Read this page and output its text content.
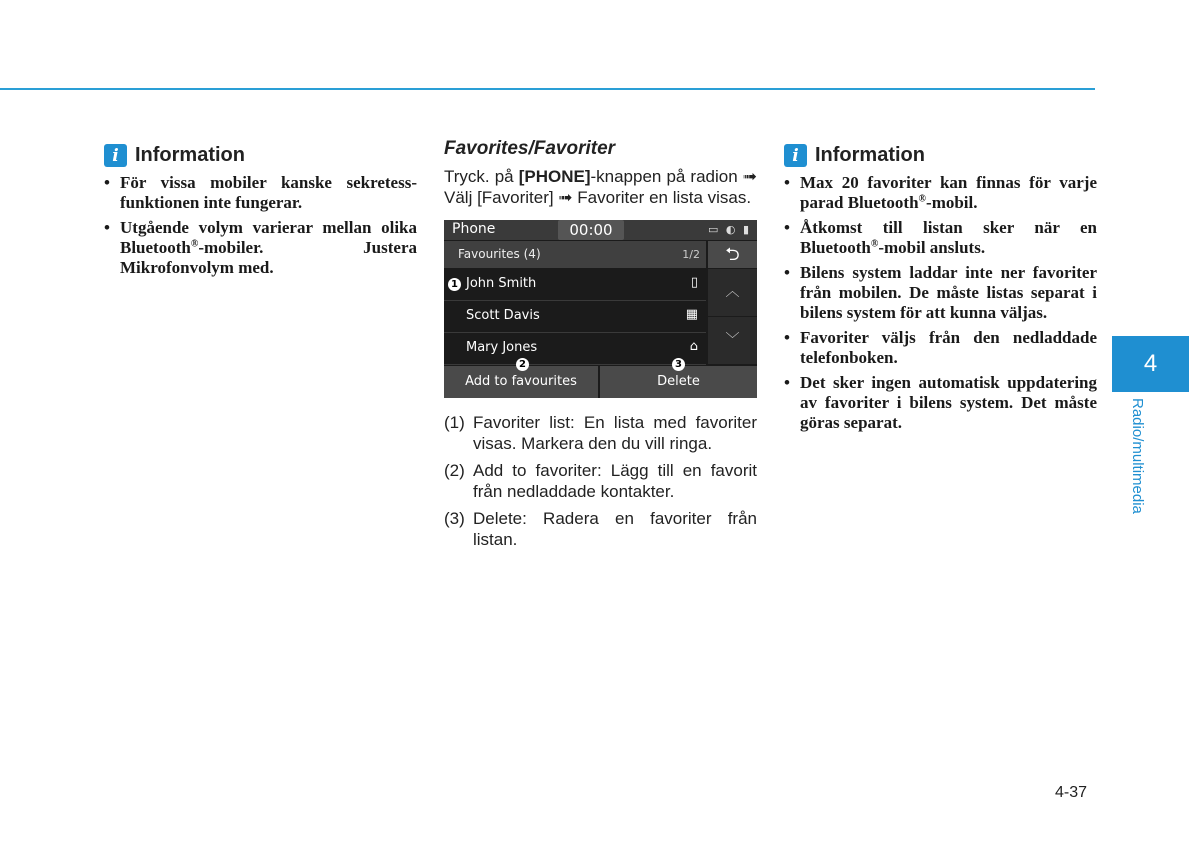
i Information
• För vissa mobiler kanske sekretessfunktionen inte fungerar.
• Utgående volym varierar mellan olika Bluetooth®-mobiler. Justera Mikrofonvolym med.
Favorites/Favoriter

Tryck. på [PHONE]-knappen på radion ➟ Välj [Favoriter] ➟ Favoriter en lista visas.

Phone	00:00	▭ ◐ ▮
Favourites (4)	1/2	⮌
1 John Smith	▯
Scott Davis	▦
Mary Jones	⌂
︿
﹀
Add to favourites	Delete
2	3
(1) Favoriter list: En lista med favoriter visas. Markera den du vill ringa.
(2) Add to favoriter: Lägg till en favorit från nedladdade kontakter.
(3) Delete: Radera en favoriter från listan.
i Information
• Max 20 favoriter kan finnas för varje parad Bluetooth®-mobil.
• Åtkomst till listan sker när en Bluetooth®-mobil ansluts.
• Bilens system laddar inte ner favoriter från mobilen. De måste listas separat i bilens system för att kunna väljas.
• Favoriter väljs från den nedladdade telefonboken.
• Det sker ingen automatisk uppdatering av favoriter i bilens system. Det måste göras separat.
4
Radio/multimedia
4-37
